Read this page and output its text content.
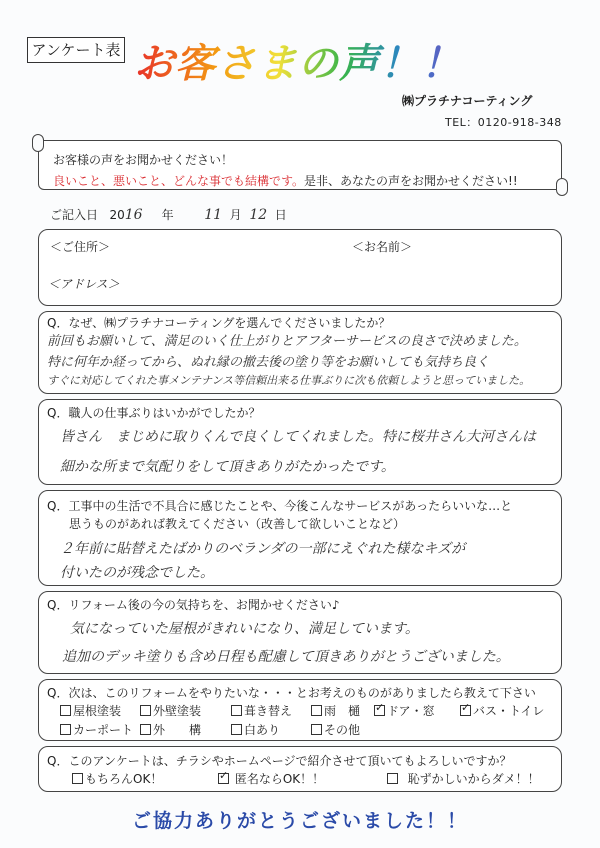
アンケート表 お客さまの声！！
㈱プラチナコーティング
TEL：0120-918-348
お客様の声をお聞かせください！
良いこと、悪いこと、どんな事でも結構です。是非、あなたの声をお聞かせください!!
ご記入日 2016 年 11 月 12 日
＜ご住所＞	＜お名前＞
＜アドレス＞
Q．なぜ、㈱プラチナコーティングを選んでくださいましたか？
前回もお願いして、満足のいく仕上がりとアフターサービスの良さで決めました。
特に何年か経ってから、ぬれ縁の撤去後の塗り等をお願いしても気持ち良く
すぐに対応してくれた事メンテナンス等信頼出来る仕事ぶりに次も依頼しようと思っていました。
Q．職人の仕事ぶりはいかがでしたか？
皆さん　まじめに取りくんで良くしてくれました。特に桜井さん大河さんは
細かな所まで気配りをして頂きありがたかったです。
Q．工事中の生活で不具合に感じたことや、今後こんなサービスがあったらいいな…と
思うものがあれば教えてください（改善して欲しいことなど）
２年前に貼替えたばかりのベランダの一部にえぐれた様なキズが
付いたのが残念でした。
Q．リフォーム後の今の気持ちを、お聞かせください♪
気になっていた屋根がきれいになり、満足しています。
追加のデッキ塗りも含め日程も配慮して頂きありがとうございました。
Q．次は、このリフォームをやりたいな・・・とお考えのものがありましたら教えて下さい
屋根塗装	外壁塗装	葺き替え	雨　樋 ✓	ドア・窓 ✓	バス・トイレ
カーポート	外　　構	白あり	その他
Q．このアンケートは、チラシやホームページで紹介させて頂いてもよろしいですか？
もちろんOK！ ✓	匿名ならOK！！	恥ずかしいからダメ！！
ご協力ありがとうございました！！
